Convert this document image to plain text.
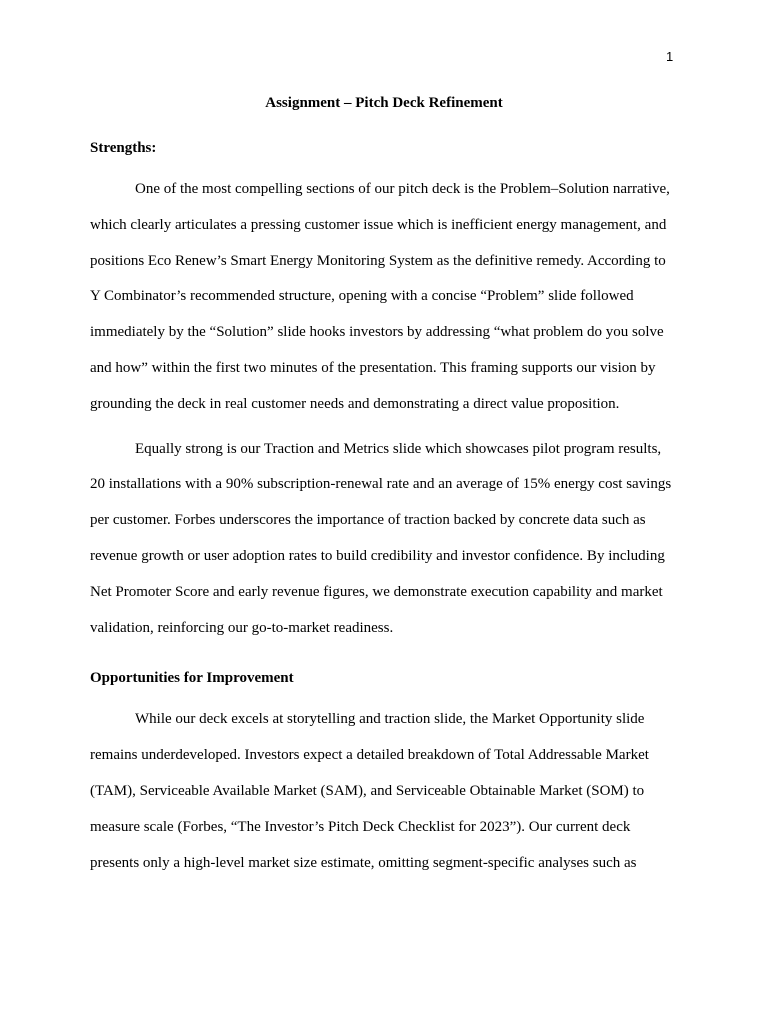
1
Assignment – Pitch Deck Refinement
Strengths:

One of the most compelling sections of our pitch deck is the Problem–Solution narrative, which clearly articulates a pressing customer issue which is inefficient energy management, and positions Eco Renew’s Smart Energy Monitoring System as the definitive remedy. According to Y Combinator’s recommended structure, opening with a concise “Problem” slide followed immediately by the “Solution” slide hooks investors by addressing “what problem do you solve and how” within the first two minutes of the presentation. This framing supports our vision by grounding the deck in real customer needs and demonstrating a direct value proposition.

Equally strong is our Traction and Metrics slide which showcases pilot program results, 20 installations with a 90% subscription-renewal rate and an average of 15% energy cost savings per customer. Forbes underscores the importance of traction backed by concrete data such as revenue growth or user adoption rates to build credibility and investor confidence. By including Net Promoter Score and early revenue figures, we demonstrate execution capability and market validation, reinforcing our go-to-market readiness.

Opportunities for Improvement

While our deck excels at storytelling and traction slide, the Market Opportunity slide remains underdeveloped. Investors expect a detailed breakdown of Total Addressable Market (TAM), Serviceable Available Market (SAM), and Serviceable Obtainable Market (SOM) to measure scale (Forbes, “The Investor’s Pitch Deck Checklist for 2023”). Our current deck presents only a high-level market size estimate, omitting segment-specific analyses such as
